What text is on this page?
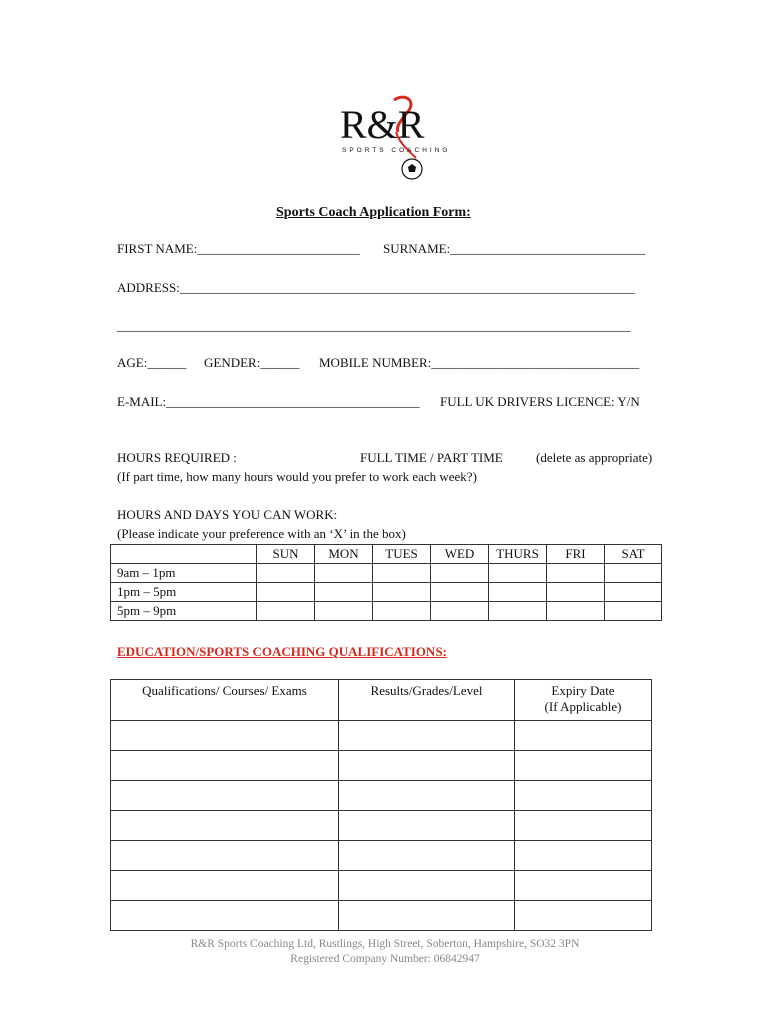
R&R
SPORTS COACHING
Sports Coach Application Form:
FIRST NAME:_________________________ SURNAME:______________________________
ADDRESS:______________________________________________________________________
_______________________________________________________________________________
AGE:______ GENDER:______ MOBILE NUMBER:________________________________
E-MAIL:_______________________________________ FULL UK DRIVERS LICENCE: Y/N
HOURS REQUIRED :	FULL TIME / PART TIME	(delete as appropriate)
(If part time, how many hours would you prefer to work each week?)
HOURS AND DAYS YOU CAN WORK:
(Please indicate your preference with an ‘X’ in the box)
	SUN	MON	TUES	WED	THURS	FRI	SAT
9am – 1pm							
1pm – 5pm							
5pm – 9pm							
EDUCATION/SPORTS COACHING QUALIFICATIONS:
Qualifications/ Courses/ Exams	Results/Grades/Level	Expiry Date
(If Applicable)

R&R Sports Coaching Ltd, Rustlings, High Street, Soberton, Hampshire, SO32 3PN
Registered Company Number: 06842947
